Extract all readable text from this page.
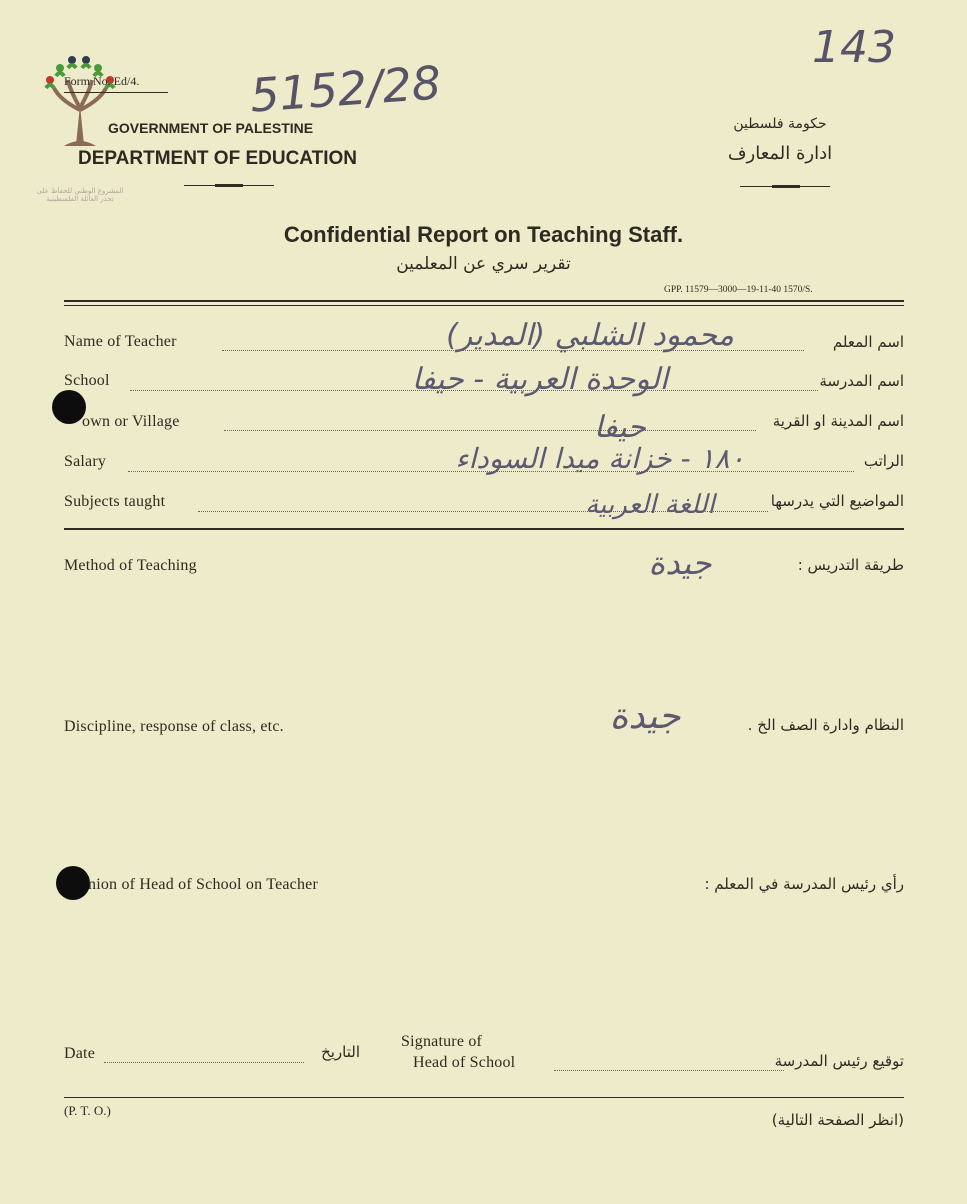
143
5152/28
Form No. Ed/4.
GOVERNMENT OF PALESTINE
DEPARTMENT OF EDUCATION
المشروع الوطني للحفاظ على تجذر العائلة الفلسطينية
حكومة فلسطين
ادارة المعارف
Confidential Report on Teaching Staff.
تقرير سري عن المعلمين
GPP. 11579—3000—19-11-40 1570/S.
Name of Teacher	اسم المعلم
محمود الشلبي (المدير)
School	اسم المدرسة
الوحدة العربية - حيفا
own or Village	اسم المدينة او القرية
حيفا
Salary	الراتب
١٨٠ - خزانة ميدا السوداء
Subjects taught	المواضيع التي يدرسها
اللغة العربية
Method of Teaching	طريقة التدريس :
جيدة
Discipline, response of class, etc.	النظام وادارة الصف الخ .
جيدة
nion of Head of School on Teacher	رأي رئيس المدرسة في المعلم :
Date	التاريخ
Signature of
Head of School	توقيع رئيس المدرسة
(P. T. O.)
(انظر الصفحة التالية)
